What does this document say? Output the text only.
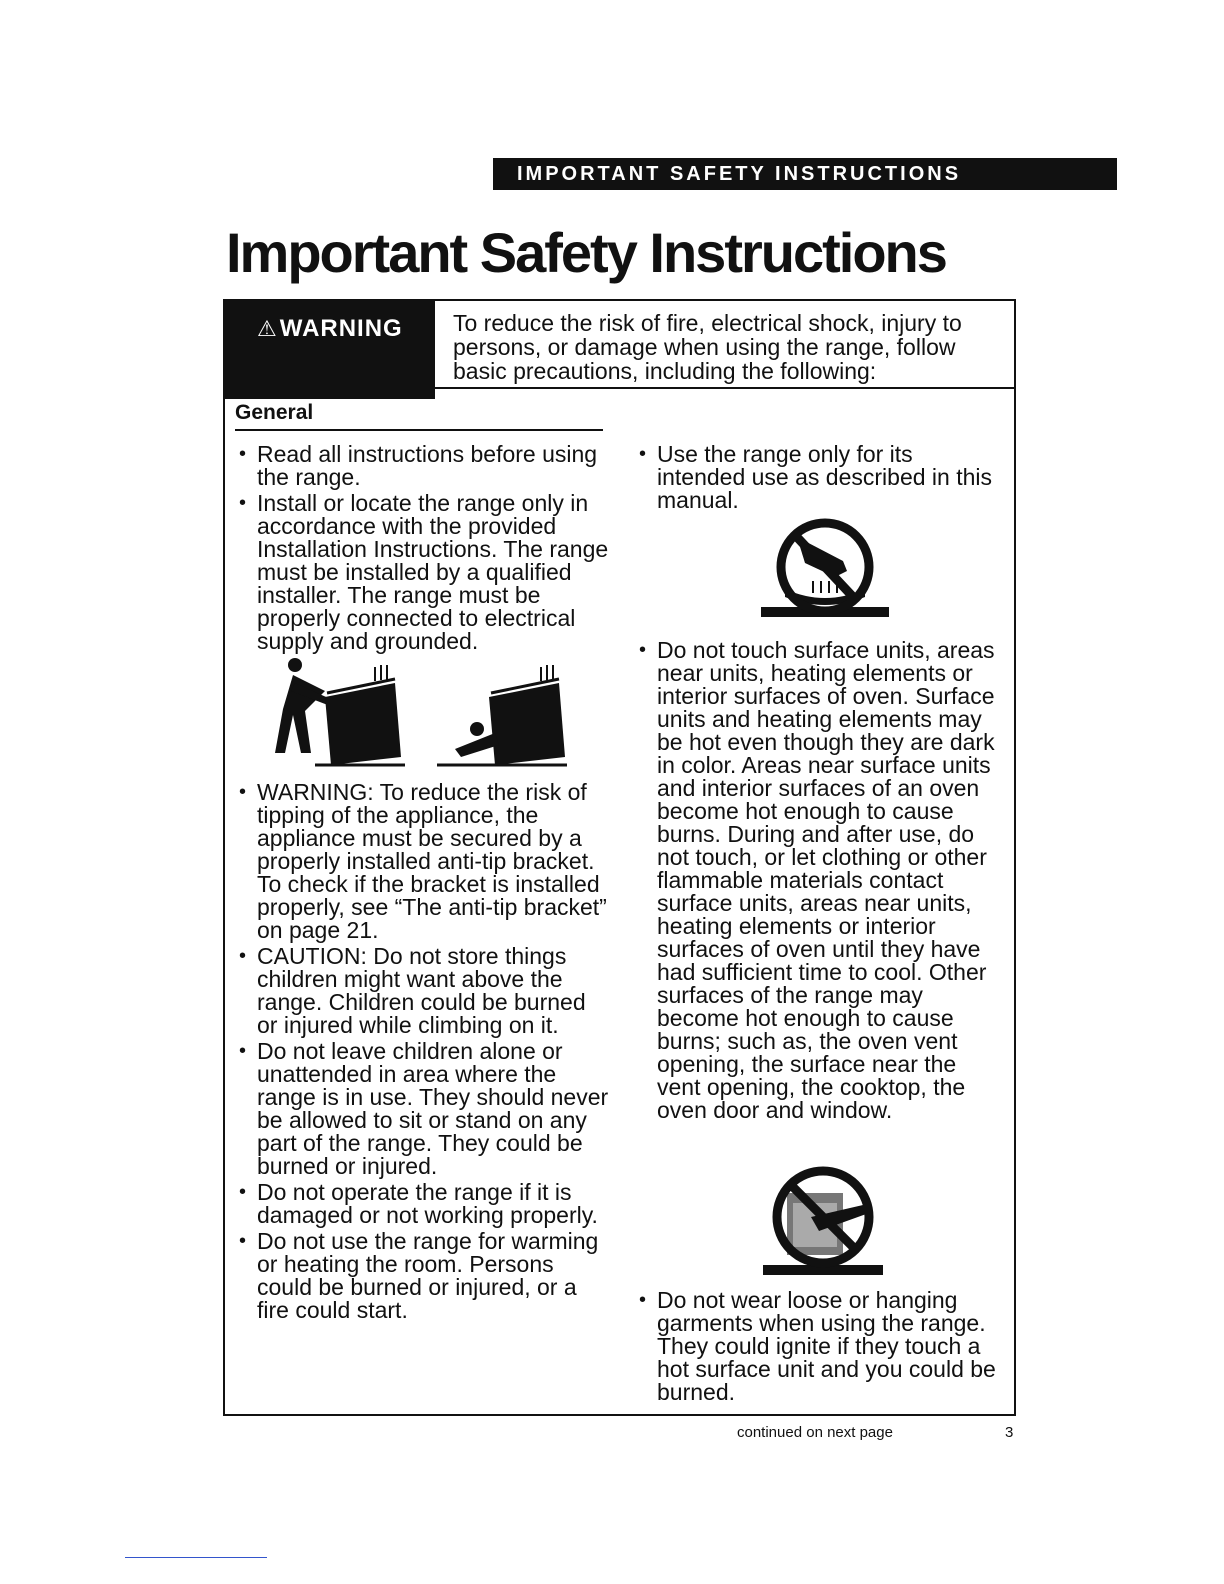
IMPORTANT SAFETY INSTRUCTIONS
Important Safety Instructions
⚠WARNING	To reduce the risk of fire, electrical shock, injury to persons, or damage when using the range, follow basic precautions, including the following:
General
• Read all instructions before using the range.
• Install or locate the range only in accordance with the provided Installation Instructions. The range must be installed by a qualified installer. The range must be properly connected to electrical supply and grounded.
• WARNING: To reduce the risk of tipping of the appliance, the appliance must be secured by a properly installed anti-tip bracket. To check if the bracket is installed properly, see “The anti-tip bracket” on page 21.
• CAUTION: Do not store things children might want above the range. Children could be burned or injured while climbing on it.
• Do not leave children alone or unattended in area where the range is in use. They should never be allowed to sit or stand on any part of the range. They could be burned or injured.
• Do not operate the range if it is damaged or not working properly.
• Do not use the range for warming or heating the room. Persons could be burned or injured, or a fire could start.
• Use the range only for its intended use as described in this manual.
• Do not touch surface units, areas near units, heating elements or interior surfaces of oven. Surface units and heating elements may be hot even though they are dark in color. Areas near surface units and interior surfaces of an oven become hot enough to cause burns. During and after use, do not touch, or let clothing or other flammable materials contact surface units, areas near units, heating elements or interior surfaces of oven until they have had sufficient time to cool. Other surfaces of the range may become hot enough to cause burns; such as, the oven vent opening, the surface near the vent opening, the cooktop, the oven door and window.
• Do not wear loose or hanging garments when using the range. They could ignite if they touch a hot surface unit and you could be burned.
continued on next page	3
